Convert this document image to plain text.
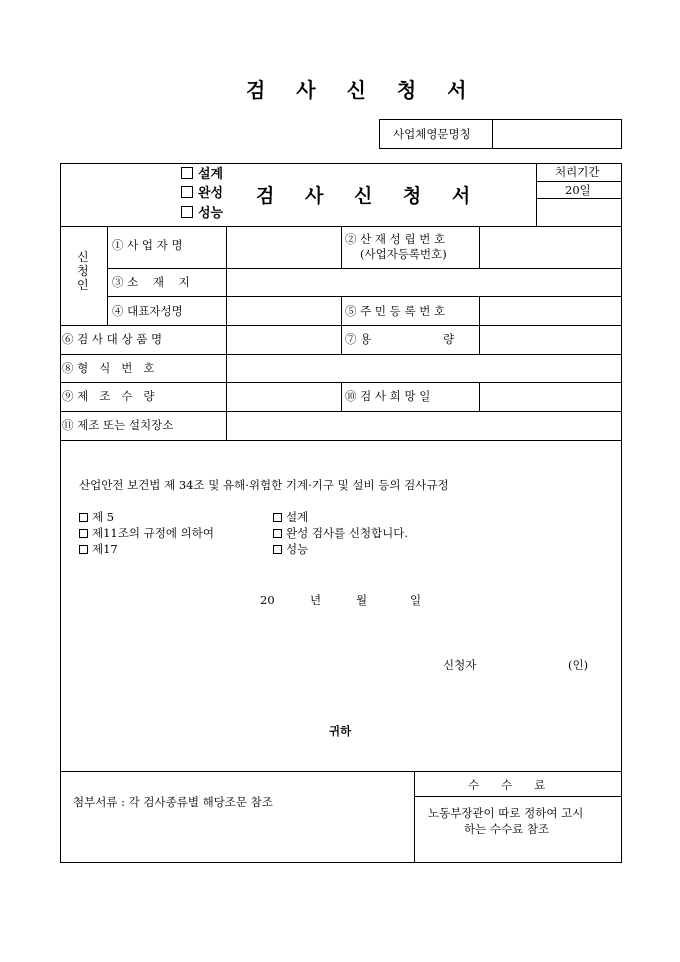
검 사 신 청 서
사업체영문명칭
설계
완성
성능
검 사 신 청 서
처리기간
20일
신
청
인
① 사 업 자 명	② 산 재 성 립 번 호
(사업자등록번호)
③ 소    재    지
④ 대표자성명	⑤ 주 민 등 록 번 호
⑥ 검 사 대 상 품 명	⑦ 용	량
⑧ 형   식   번   호
⑨ 제   조   수   량	⑩ 검 사 희 망 일
⑪ 제조 또는 설치장소
산업안전 보건법 제 34조 및 유해·위험한 기계·기구 및 설비 등의 검사규정
제 5
제11조의 규정에 의하여
제17
설계
완성 검사를 신청합니다.
성능
20	년	월	일
신청자	(인)
귀하
첨부서류 : 각 검사종류별 해당조문 참조
수      수      료
노동부장관이 따로 정하여 고시
하는 수수료 참조
